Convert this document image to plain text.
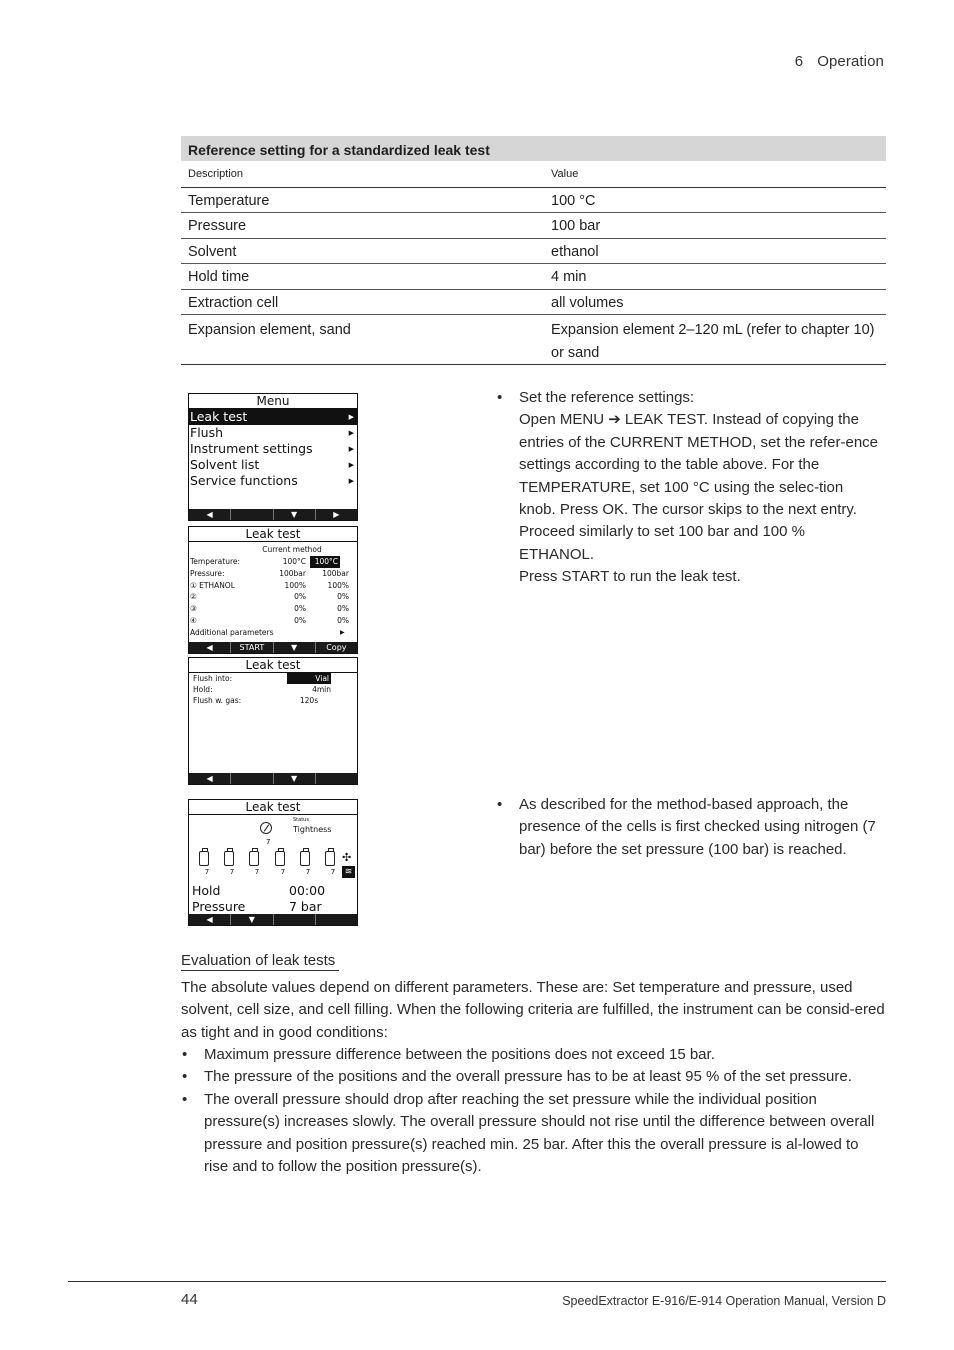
6 Operation
Reference setting for a standardized leak test	
Description	Value
Temperature	100 °C
Pressure	100 bar
Solvent	ethanol
Hold time	4 min
Extraction cell	all volumes
Expansion element, sand	Expansion element 2–120 mL (refer to chapter 10) or sand
Menu
Leak test	▶
Flush	▶
Instrument settings	▶
Solvent list	▶
Service functions	▶
◀	▼	▶
Leak test
Current method
Temperature:	100°C	100°C
Pressure:	100bar	100bar
① ETHANOL	100%	100%
②	0%	0%
③	0%	0%
④	0%	0%
Additional parameters	▶
◀	START	▼	Copy
Leak test
Flush into:	Vial
Hold:	4min
Flush w. gas:	120s
◀	▼
Leak test
Status
Tightness
7
7	7	7	7	7	7
✣
≋
Hold	00:00
Pressure	7 bar
◀	▼
• Set the reference settings:
Open MENU ➔ LEAK TEST. Instead of copying the entries of the CURRENT METHOD, set the refer-ence settings according to the table above. For the TEMPERATURE, set 100 °C using the selec-tion knob. Press OK. The cursor skips to the next entry. Proceed similarly to set 100 bar and 100 % ETHANOL.
Press START to run the leak test.
• As described for the method-based approach, the presence of the cells is first checked using nitrogen (7 bar) before the set pressure (100 bar) is reached.
Evaluation of leak tests

The absolute values depend on different parameters. These are: Set temperature and pressure, used solvent, cell size, and cell filling. When the following criteria are fulfilled, the instrument can be consid-ered as tight and in good conditions:

• Maximum pressure difference between the positions does not exceed 15 bar.
• The pressure of the positions and the overall pressure has to be at least 95 % of the set pressure.
• The overall pressure should drop after reaching the set pressure while the individual position pressure(s) increases slowly. The overall pressure should not rise until the difference between overall pressure and position pressure(s) reached min. 25 bar. After this the overall pressure is al-lowed to rise and to follow the position pressure(s).
44	SpeedExtractor E-916/E-914 Operation Manual, Version D
